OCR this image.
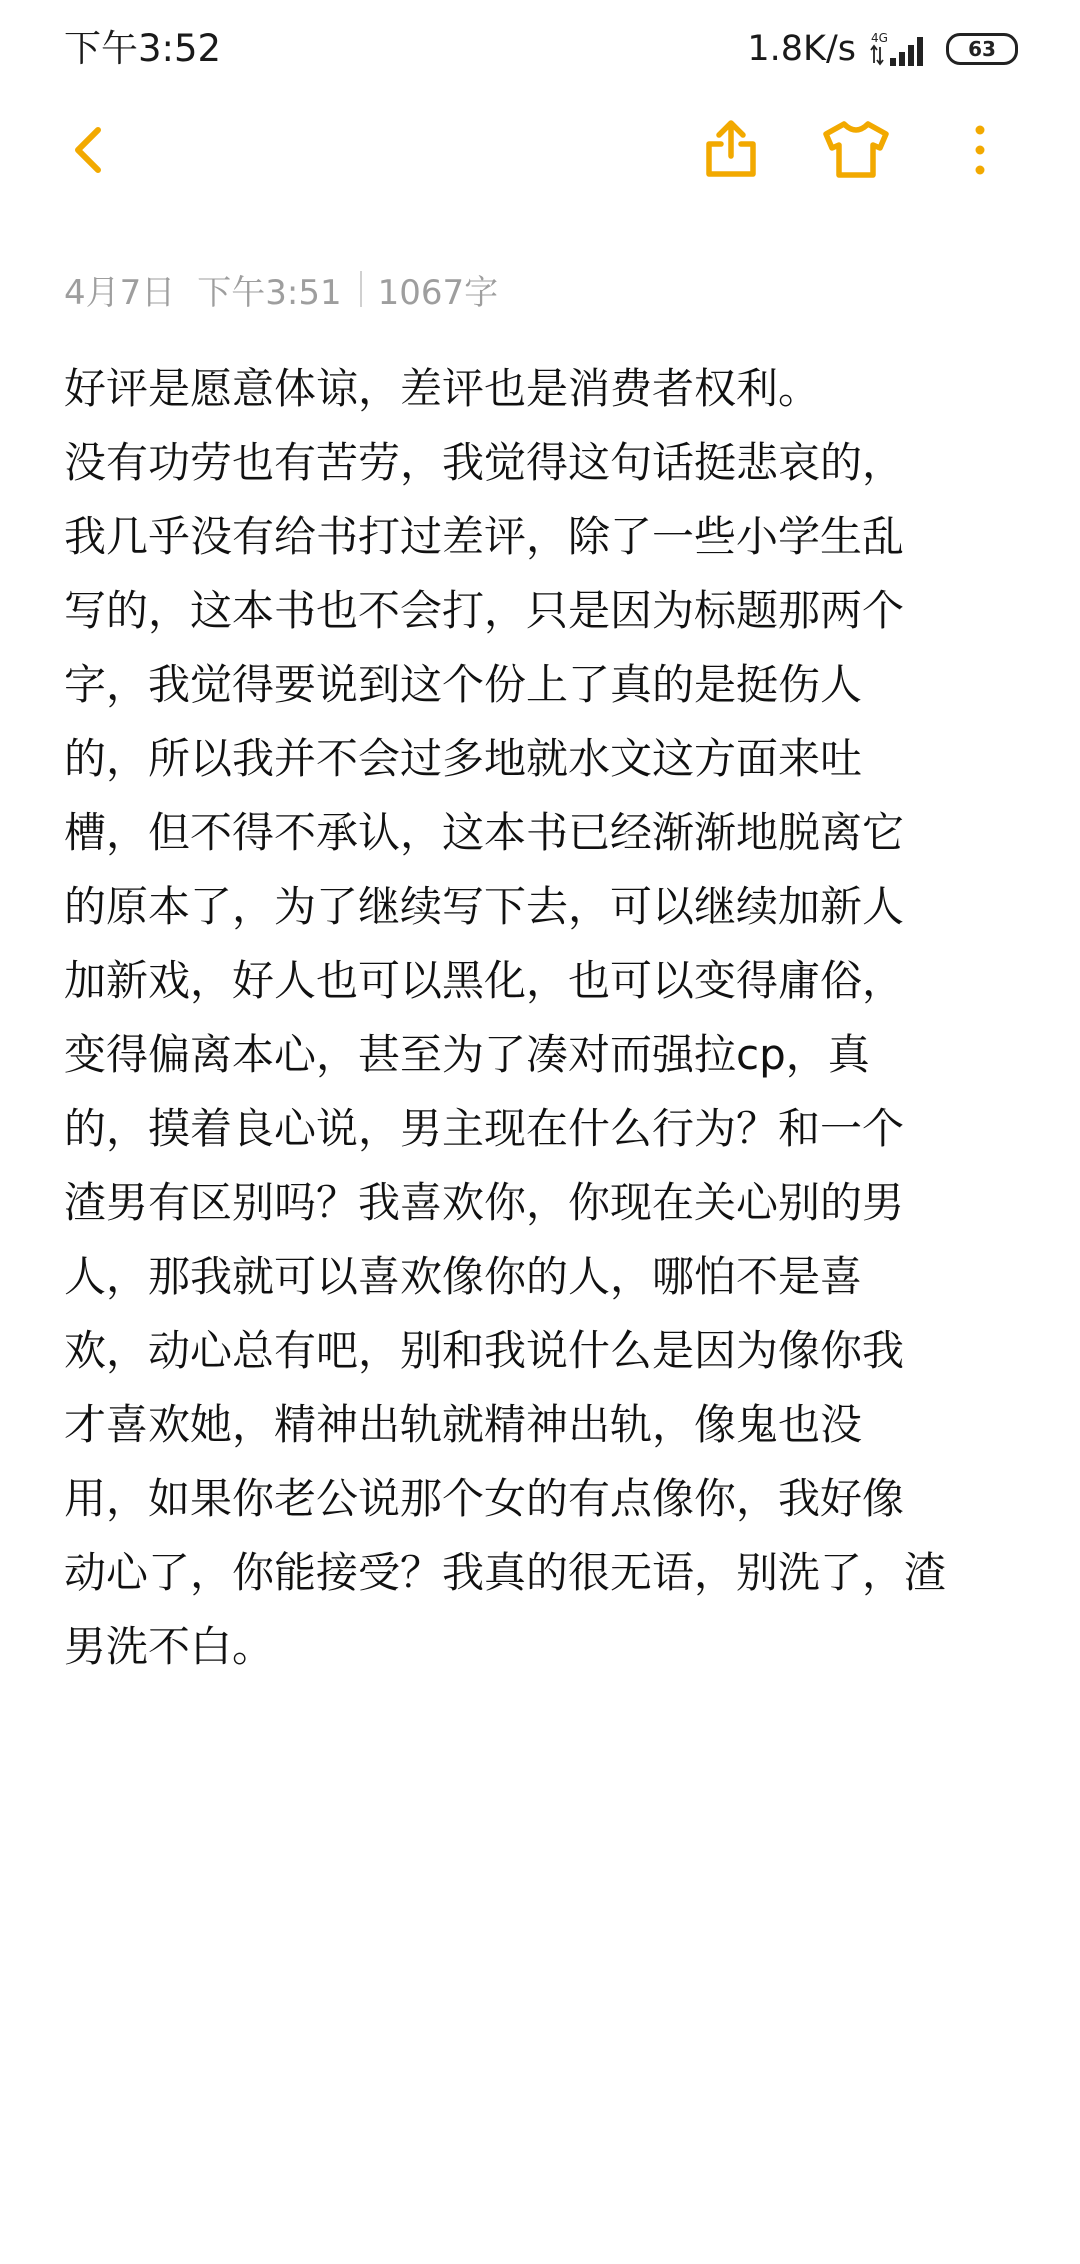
下午3:52	1.8K/s 4G	63
4月7日 下午3:51 1067字
好评是愿意体谅，差评也是消费者权利。
没有功劳也有苦劳，我觉得这句话挺悲哀的，
我几乎没有给书打过差评，除了一些小学生乱
写的，这本书也不会打，只是因为标题那两个
字，我觉得要说到这个份上了真的是挺伤人
的，所以我并不会过多地就水文这方面来吐
槽，但不得不承认，这本书已经渐渐地脱离它
的原本了，为了继续写下去，可以继续加新人
加新戏，好人也可以黑化，也可以变得庸俗，
变得偏离本心，甚至为了凑对而强拉cp，真
的，摸着良心说，男主现在什么行为？和一个
渣男有区别吗？我喜欢你，你现在关心别的男
人，那我就可以喜欢像你的人，哪怕不是喜
欢，动心总有吧，别和我说什么是因为像你我
才喜欢她，精神出轨就精神出轨，像鬼也没
用，如果你老公说那个女的有点像你，我好像
动心了，你能接受？我真的很无语，别洗了，渣
男洗不白。
